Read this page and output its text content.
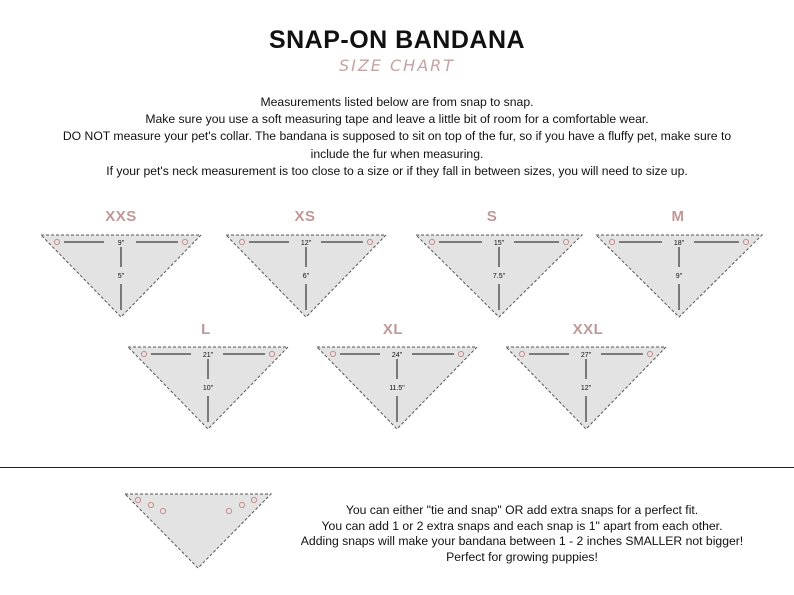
SNAP-ON BANDANA
SIZE CHART
Measurements listed below are from snap to snap.
Make sure you use a soft measuring tape and leave a little bit of room for a comfortable wear.
DO NOT measure your pet's collar. The bandana is supposed to sit on top of the fur, so if you have a fluffy pet, make sure to
include the fur when measuring.
If your pet's neck measurement is too close to a size or if they fall in between sizes, you will need to size up.
XXS
9"
5"
XS
12"
6"
S
15"
7.5"
M
18"
9"
L
21"
10"
XL
24"
11.5"
XXL
27"
12"
You can either "tie and snap" OR add extra snaps for a perfect fit.
You can add 1 or 2 extra snaps and each snap is 1" apart from each other.
Adding snaps will make your bandana between 1 - 2 inches SMALLER not bigger!
Perfect for growing puppies!
